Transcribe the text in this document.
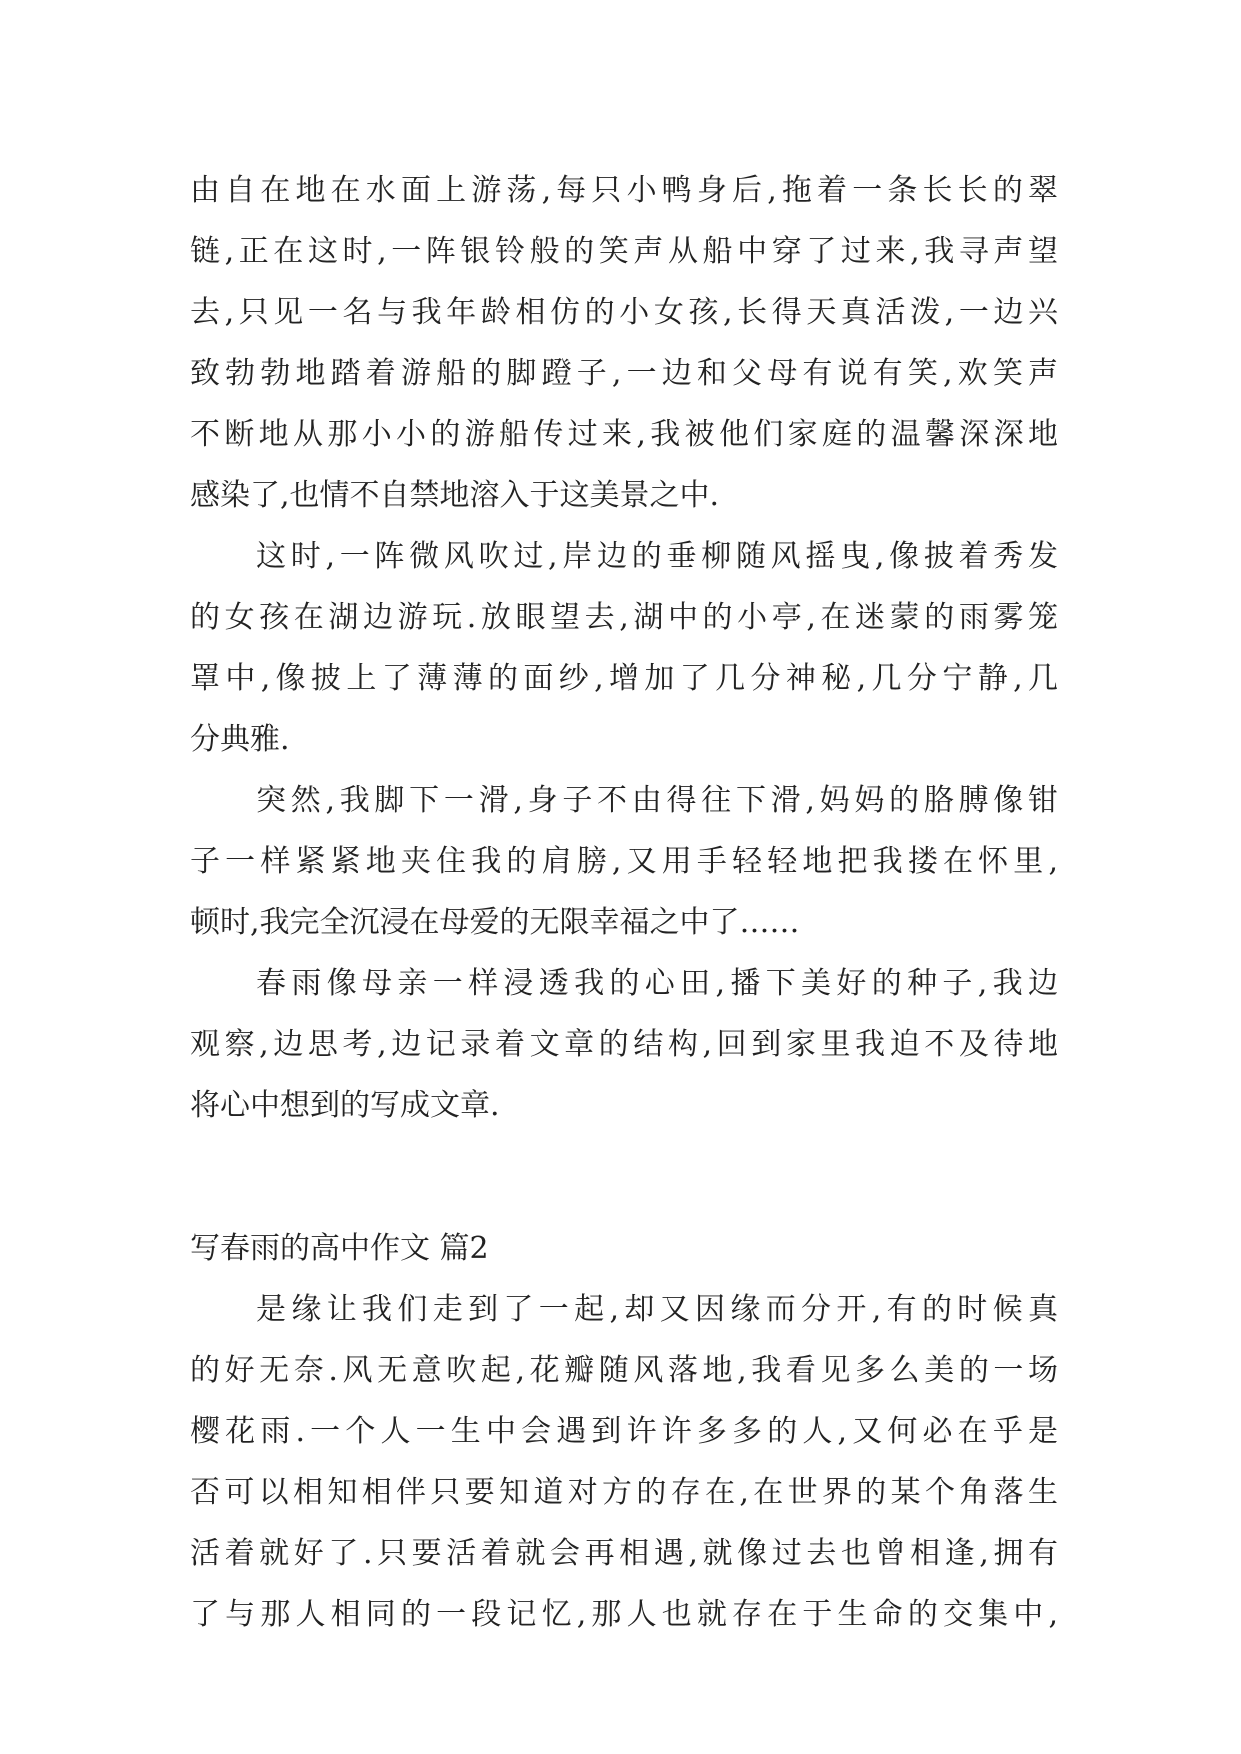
由自在地在水面上游荡,每只小鸭身后,拖着一条长长的翠
链,正在这时,一阵银铃般的笑声从船中穿了过来,我寻声望
去,只见一名与我年龄相仿的小女孩,长得天真活泼,一边兴
致勃勃地踏着游船的脚蹬子,一边和父母有说有笑,欢笑声
不断地从那小小的游船传过来,我被他们家庭的温馨深深地
感染了,也情不自禁地溶入于这美景之中.
这时,一阵微风吹过,岸边的垂柳随风摇曳,像披着秀发
的女孩在湖边游玩.放眼望去,湖中的小亭,在迷蒙的雨雾笼
罩中,像披上了薄薄的面纱,增加了几分神秘,几分宁静,几
分典雅.
突然,我脚下一滑,身子不由得往下滑,妈妈的胳膊像钳
子一样紧紧地夹住我的肩膀,又用手轻轻地把我搂在怀里,
顿时,我完全沉浸在母爱的无限幸福之中了……
春雨像母亲一样浸透我的心田,播下美好的种子,我边
观察,边思考,边记录着文章的结构,回到家里我迫不及待地
将心中想到的写成文章.
写春雨的高中作文 篇2
是缘让我们走到了一起,却又因缘而分开,有的时候真
的好无奈.风无意吹起,花瓣随风落地,我看见多么美的一场
樱花雨.一个人一生中会遇到许许多多的人,又何必在乎是
否可以相知相伴只要知道对方的存在,在世界的某个角落生
活着就好了.只要活着就会再相遇,就像过去也曾相逢,拥有
了与那人相同的一段记忆,那人也就存在于生命的交集中,
